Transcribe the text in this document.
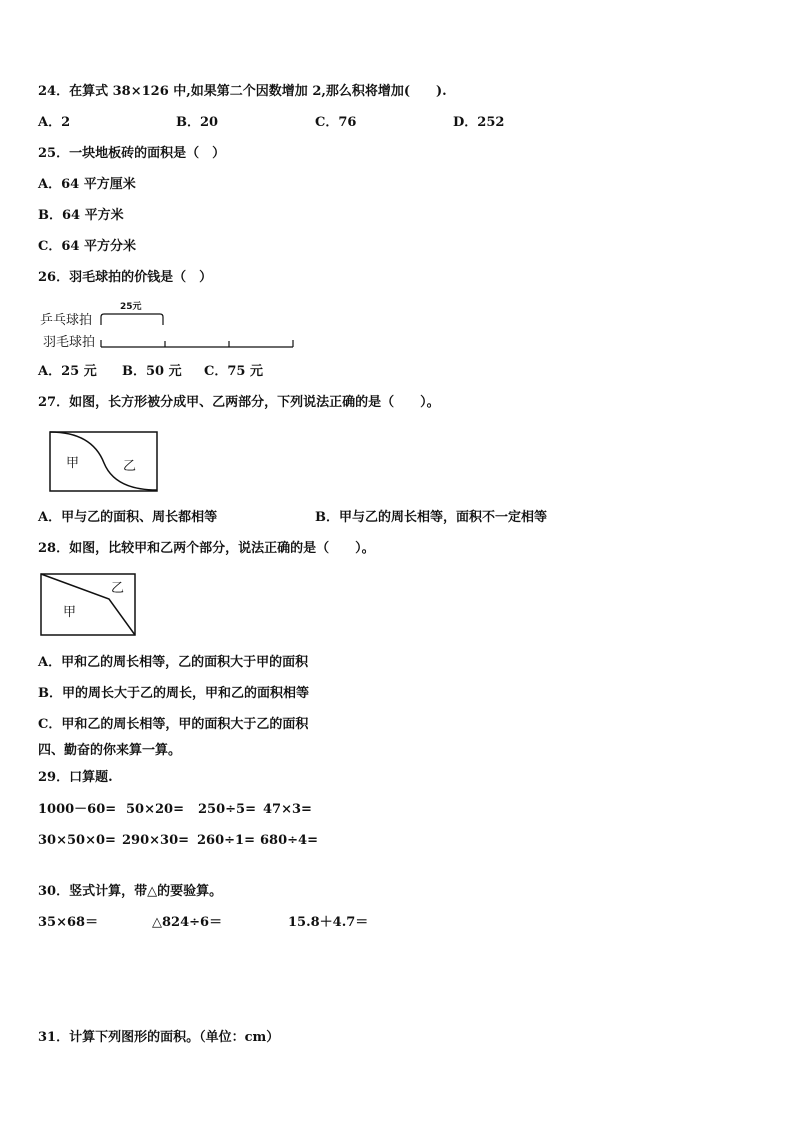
24．在算式 38×126 中,如果第二个因数增加 2,那么积将增加(　　).
A．2	B．20	C．76	D．252
25．一块地板砖的面积是（　）
A．64 平方厘米
B．64 平方米
C．64 平方分米
26．羽毛球拍的价钱是（　）
乒乓球拍
羽毛球拍
25元
A．25 元 B．50 元 C．75 元
27．如图，长方形被分成甲、乙两部分，下列说法正确的是（　　）。
甲	乙
A．甲与乙的面积、周长都相等	B．甲与乙的周长相等，面积不一定相等
28．如图，比较甲和乙两个部分，说法正确的是（　　）。
乙
甲
A．甲和乙的周长相等，乙的面积大于甲的面积
B．甲的周长大于乙的周长，甲和乙的面积相等
C．甲和乙的周长相等，甲的面积大于乙的面积
四、勤奋的你来算一算。
29．口算题.
1000－60= 50×20= 250÷5= 47×3=
30×50×0= 290×30= 260÷1= 680÷4=
30．竖式计算，带△的要验算。
35×68＝	△824÷6＝	15.8＋4.7＝
31．计算下列图形的面积。（单位：cm）
